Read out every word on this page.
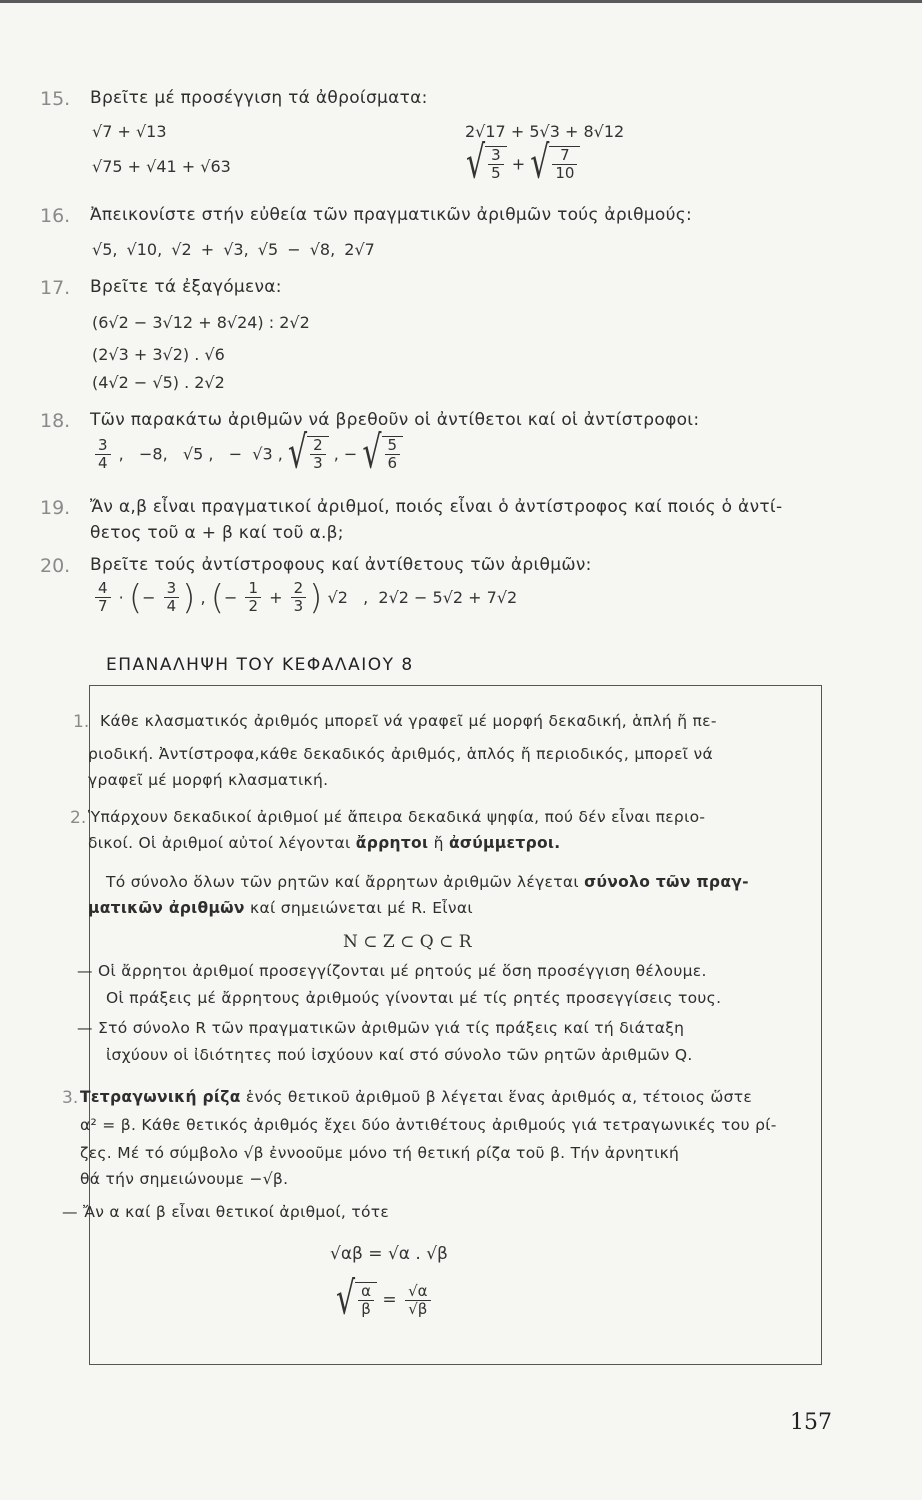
15. Βρεῖτε μέ προσέγγιση τά ἀθροίσματα:
√7 + √13	2√17 + 5√3 + 8√12
√75 + √41 + √63	√ $\frac{3}{5}$ + √ $\frac{7}{10}$
16. Ἀπεικονίστε στήν εὐθεία τῶν πραγματικῶν ἀριθμῶν τούς ἀριθμούς:
√5, √10, √2 + √3, √5 − √8, 2√7
17. Βρεῖτε τά ἐξαγόμενα:
(6√2 − 3√12 + 8√24) : 2√2
(2√3 + 3√2) . √6
(4√2 − √5) . 2√2
18. Τῶν παρακάτω ἀριθμῶν νά βρεθοῦν οἱ ἀντίθετοι καί οἱ ἀντίστροφοι:
$\frac{3}{4}$ ,   −8,   √5 ,   −  √3 , √ $\frac{2}{3}$ , − √ $\frac{5}{6}$
19. Ἄν α,β εἶναι πραγματικοί ἀριθμοί, ποιός εἶναι ὁ ἀντίστροφος καί ποιός ὁ ἀντί-
θετος τοῦ α + β καί τοῦ α.β;
20. Βρεῖτε τούς ἀντίστροφους καί ἀντίθετους τῶν ἀριθμῶν:
$\frac{4}{7}$ · (− $\frac{3}{4}$ ) , (− $\frac{1}{2} + \frac{2}{3}$ ) √2   ,  2√2 − 5√2 + 7√2
ΕΠΑΝΑΛΗΨΗ ΤΟΥ ΚΕΦΑΛΑΙΟΥ 8
1. Κάθε κλασματικός ἀριθμός μπορεῖ νά γραφεῖ μέ μορφή δεκαδική, ἁπλή ἤ πε-
ριοδική. Ἀντίστροφα,κάθε δεκαδικός ἀριθμός, ἁπλός ἤ περιοδικός, μπορεῖ νά
γραφεῖ μέ μορφή κλασματική.
2. Ὑπάρχουν δεκαδικοί ἀριθμοί μέ ἄπειρα δεκαδικά ψηφία, πού δέν εἶναι περιο-
δικοί. Οἱ ἀριθμοί αὐτοί λέγονται ἄρρητοι ἤ ἀσύμμετροι.
Τό σύνολο ὅλων τῶν ρητῶν καί ἄρρητων ἀριθμῶν λέγεται σύνολο τῶν πραγ-
ματικῶν ἀριθμῶν καί σημειώνεται μέ R. Εἶναι
N ⊂ Z ⊂ Q ⊂ R
— Οἱ ἄρρητοι ἀριθμοί προσεγγίζονται μέ ρητούς μέ ὅση προσέγγιση θέλουμε.
Οἱ πράξεις μέ ἄρρητους ἀριθμούς γίνονται μέ τίς ρητές προσεγγίσεις τους.
— Στό σύνολο R τῶν πραγματικῶν ἀριθμῶν γιά τίς πράξεις καί τή διάταξη
ἰσχύουν οἱ ἰδιότητες πού ἰσχύουν καί στό σύνολο τῶν ρητῶν ἀριθμῶν Q.
3. Τετραγωνική ρίζα ἑνός θετικοῦ ἀριθμοῦ β λέγεται ἕνας ἀριθμός α, τέτοιος ὥστε
α² = β. Κάθε θετικός ἀριθμός ἔχει δύο ἀντιθέτους ἀριθμούς γιά τετραγωνικές του ρί-
ζες. Μέ τό σύμβολο √β ἐννοοῦμε μόνο τή θετική ρίζα τοῦ β. Τήν ἀρνητική
θά τήν σημειώνουμε −√β.
— Ἄν α καί β εἶναι θετικοί ἀριθμοί, τότε
√αβ = √α . √β
√ $\frac{\alpha}{\beta} = \frac{√\alpha}{√\beta}$
157
